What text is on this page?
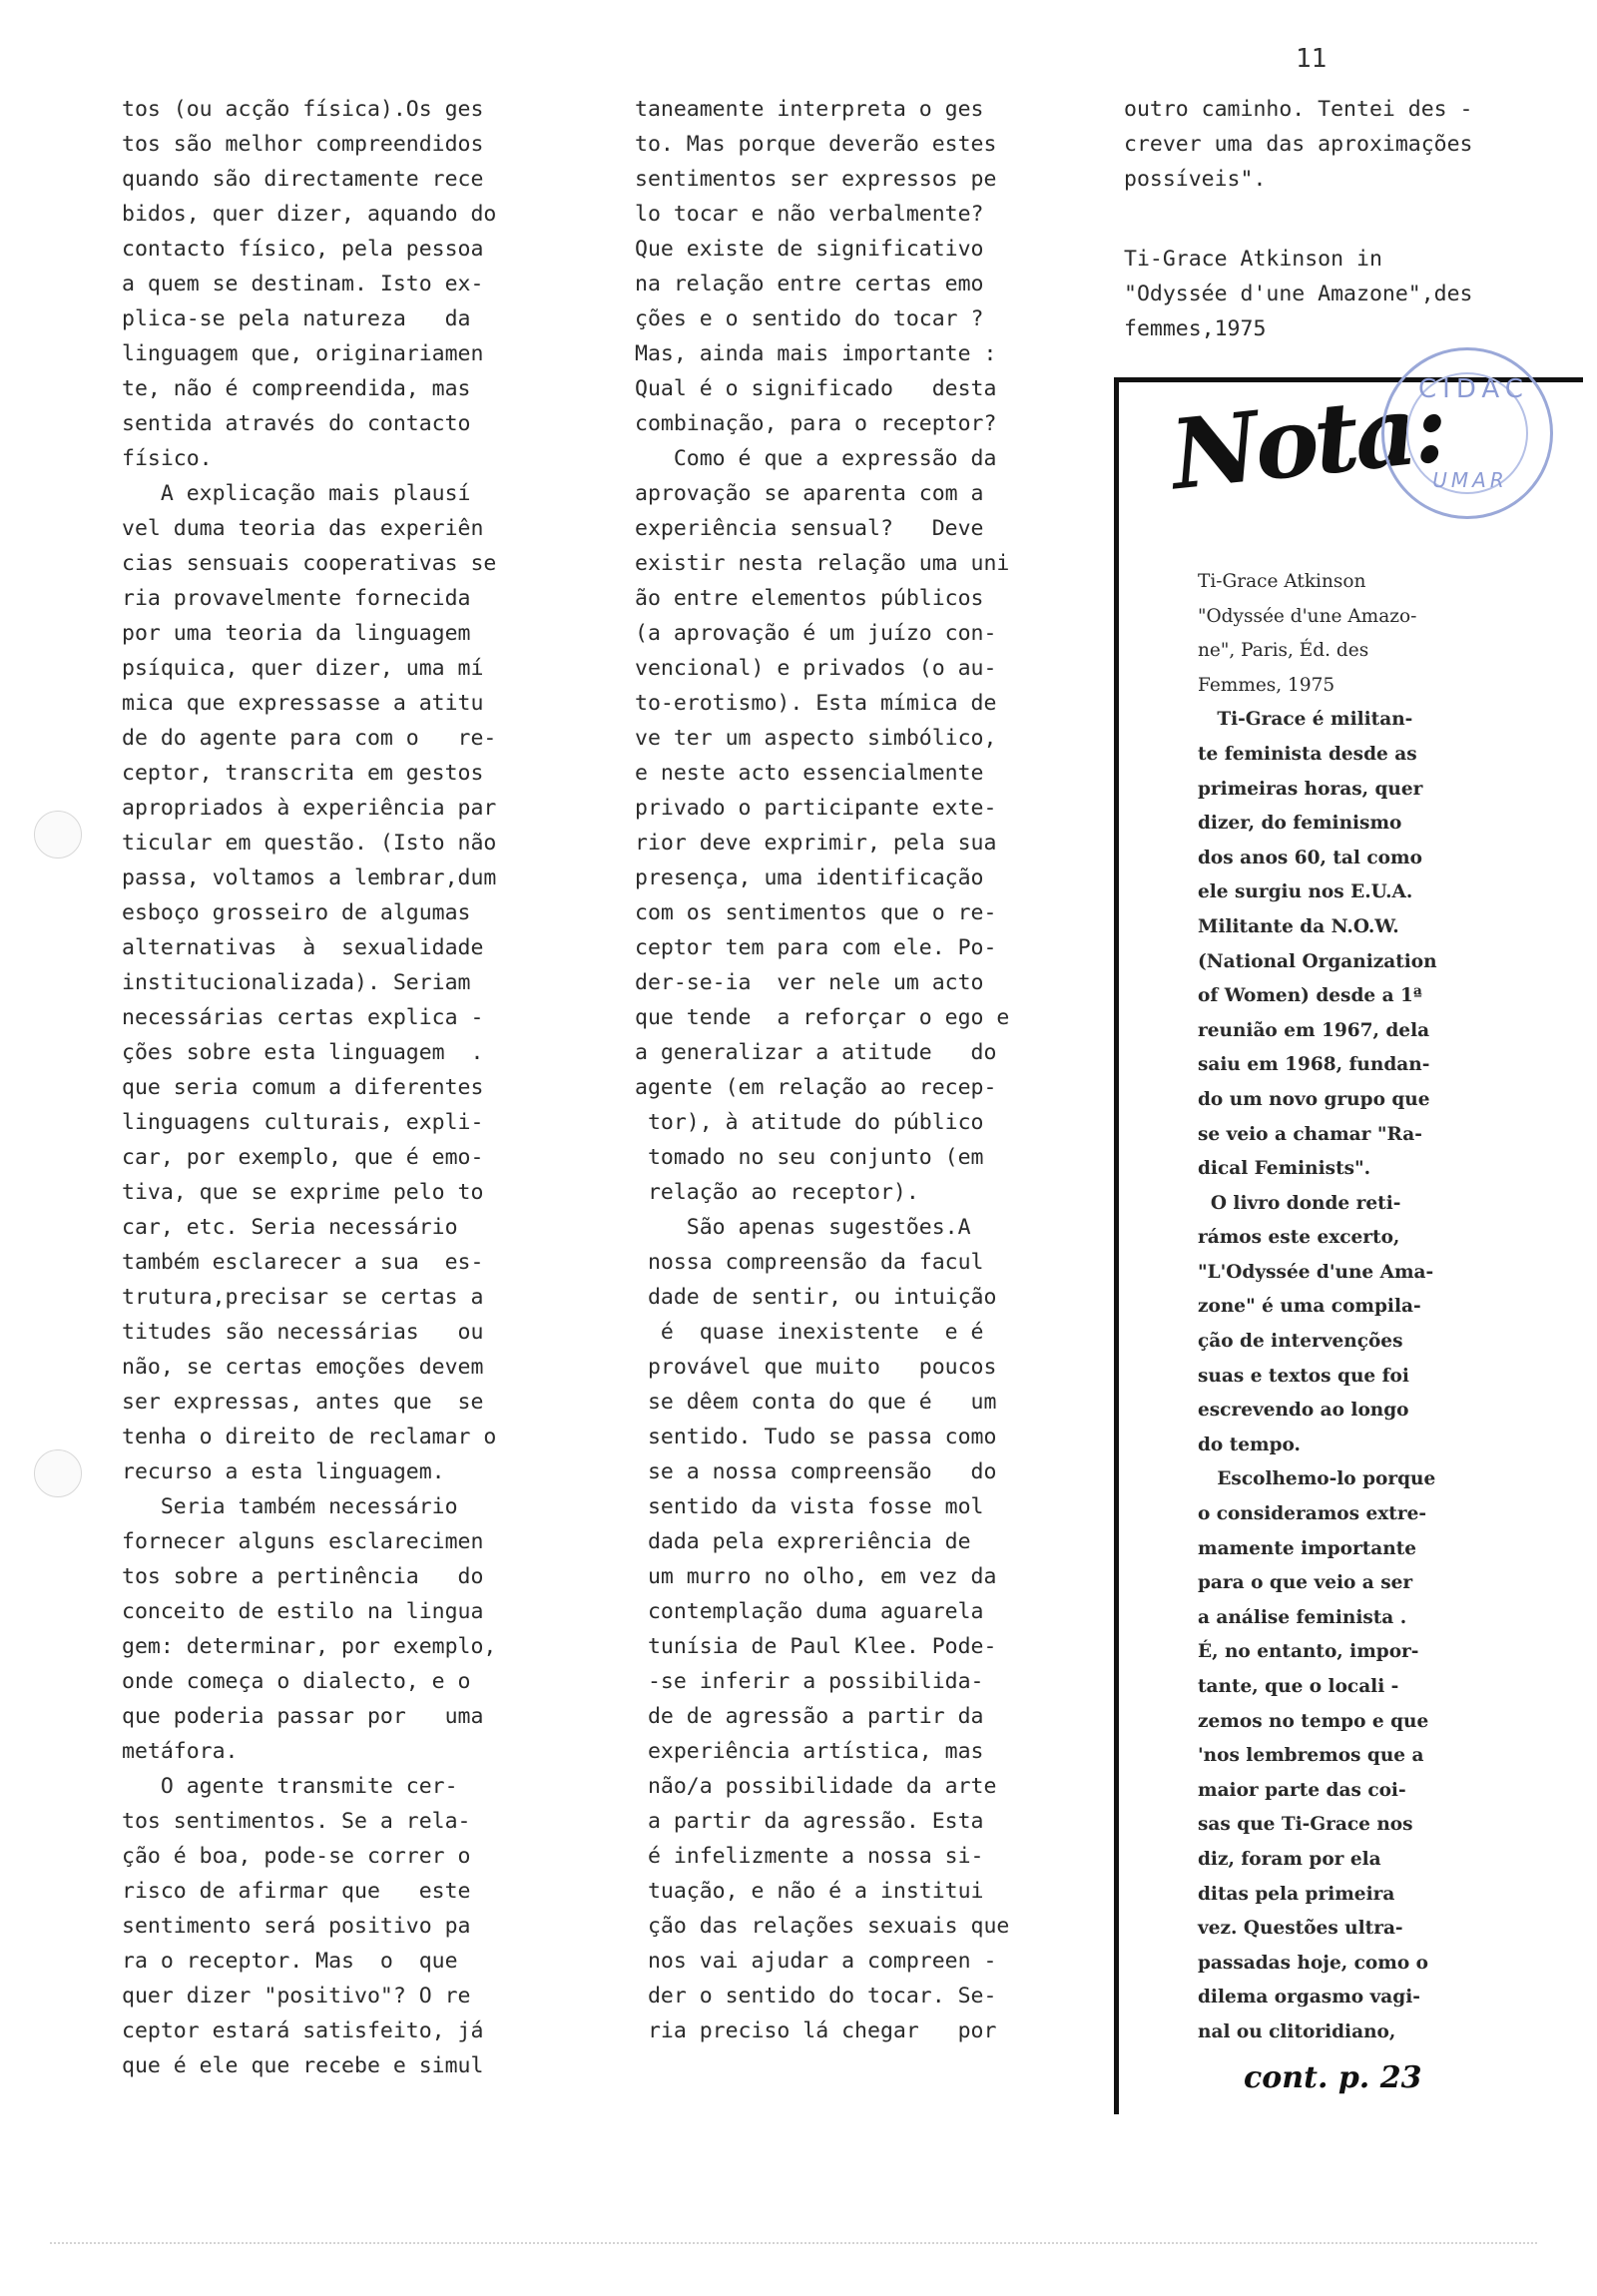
11
tos (ou acção física).Os ges
tos são melhor compreendidos
quando são directamente rece
bidos, quer dizer, aquando do
contacto físico, pela pessoa
a quem se destinam. Isto ex-
plica-se pela natureza   da
linguagem que, originariamen
te, não é compreendida, mas
sentida através do contacto
físico.
A explicação mais plausí
vel duma teoria das experiên
cias sensuais cooperativas se
ria provavelmente fornecida
por uma teoria da linguagem
psíquica, quer dizer, uma mí
mica que expressasse a atitu
de do agente para com o   re-
ceptor, transcrita em gestos
apropriados à experiência par
ticular em questão. (Isto não
passa, voltamos a lembrar,dum
esboço grosseiro de algumas
alternativas  à  sexualidade
institucionalizada). Seriam
necessárias certas explica -
ções sobre esta linguagem  .
que seria comum a diferentes
linguagens culturais, expli-
car, por exemplo, que é emo-
tiva, que se exprime pelo to
car, etc. Seria necessário
também esclarecer a sua  es-
trutura,precisar se certas a
titudes são necessárias   ou
não, se certas emoções devem
ser expressas, antes que  se
tenha o direito de reclamar o
recurso a esta linguagem.
Seria também necessário
fornecer alguns esclarecimen
tos sobre a pertinência   do
conceito de estilo na lingua
gem: determinar, por exemplo,
onde começa o dialecto, e o
que poderia passar por   uma
metáfora.
O agente transmite cer-
tos sentimentos. Se a rela-
ção é boa, pode-se correr o
risco de afirmar que   este
sentimento será positivo pa
ra o receptor. Mas  o  que
quer dizer "positivo"? O re
ceptor estará satisfeito, já
que é ele que recebe e simul
taneamente interpreta o ges
to. Mas porque deverão estes
sentimentos ser expressos pe
lo tocar e não verbalmente?
Que existe de significativo
na relação entre certas emo
ções e o sentido do tocar ?
Mas, ainda mais importante :
Qual é o significado   desta
combinação, para o receptor?
Como é que a expressão da
aprovação se aparenta com a
experiência sensual?   Deve
existir nesta relação uma uni
ão entre elementos públicos
(a aprovação é um juízo con-
vencional) e privados (o au-
to-erotismo). Esta mímica de
ve ter um aspecto simbólico,
e neste acto essencialmente
privado o participante exte-
rior deve exprimir, pela sua
presença, uma identificação
com os sentimentos que o re-
ceptor tem para com ele. Po-
der-se-ia  ver nele um acto
que tende  a reforçar o ego e
a generalizar a atitude   do
agente (em relação ao recep-
tor), à atitude do público
tomado no seu conjunto (em
relação ao receptor).
São apenas sugestões.A
nossa compreensão da facul
dade de sentir, ou intuição
é  quase inexistente  e é
provável que muito   poucos
se dêem conta do que é   um
sentido. Tudo se passa como
se a nossa compreensão   do
sentido da vista fosse mol
dada pela expreriência de
um murro no olho, em vez da
contemplação duma aguarela
tunísia de Paul Klee. Pode-
-se inferir a possibilida-
de de agressão a partir da
experiência artística, mas
não/a possibilidade da arte
a partir da agressão. Esta
é infelizmente a nossa si-
tuação, e não é a institui
ção das relações sexuais que
nos vai ajudar a compreen -
der o sentido do tocar. Se-
ria preciso lá chegar   por
outro caminho. Tentei des -
crever uma das aproximações
possíveis".
Ti-Grace Atkinson in
"Odyssée d'une Amazone",des
femmes,1975
Nota:
CIDAC
UMAR
Ti-Grace Atkinson
"Odyssée d'une Amazo-
ne", Paris, Éd. des
Femmes, 1975
Ti-Grace é militan-
te feminista desde as
primeiras horas, quer
dizer, do feminismo
dos anos 60, tal como
ele surgiu nos E.U.A.
Militante da N.O.W.
(National Organization
of Women) desde a 1ª
reunião em 1967, dela
saiu em 1968, fundan-
do um novo grupo que
se veio a chamar "Ra-
dical Feminists".
O livro donde reti-
rámos este excerto,
"L'Odyssée d'une Ama-
zone" é uma compila-
ção de intervenções
suas e textos que foi
escrevendo ao longo
do tempo.
Escolhemo-lo porque
o consideramos extre-
mamente importante
para o que veio a ser
a análise feminista .
É, no entanto, impor-
tante, que o locali -
zemos no tempo e que
'nos lembremos que a
maior parte das coi-
sas que Ti-Grace nos
diz, foram por ela
ditas pela primeira
vez. Questões ultra-
passadas hoje, como o
dilema orgasmo vagi-
nal ou clitoridiano,
cont. p. 23
